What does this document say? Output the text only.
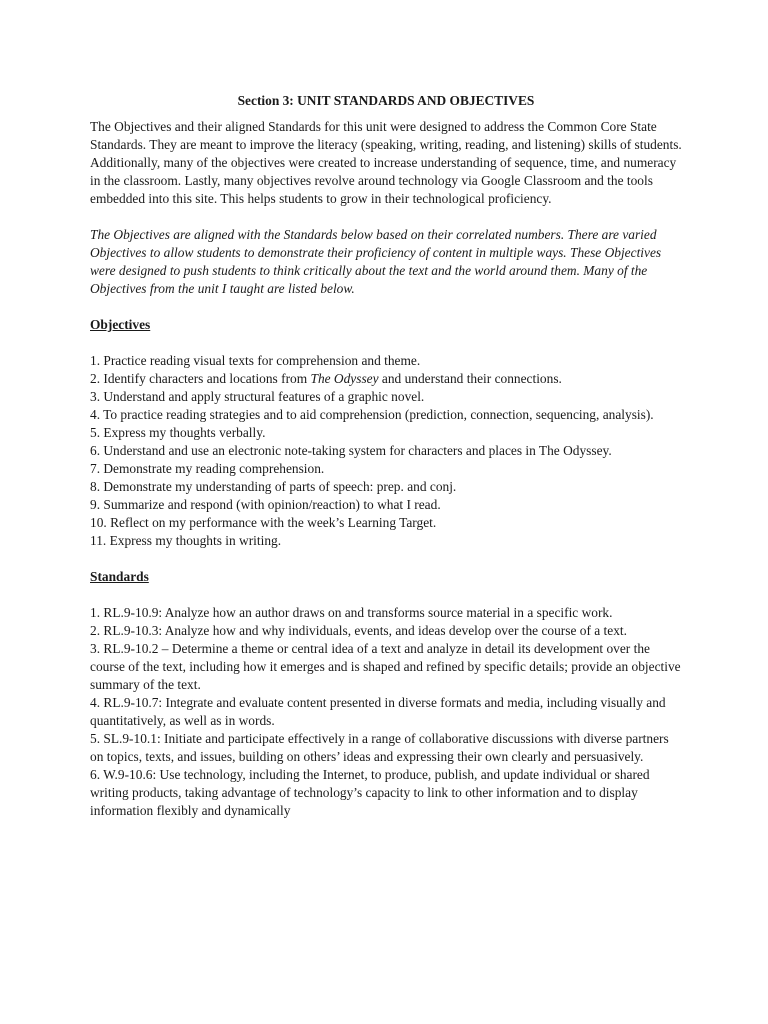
Section 3: UNIT STANDARDS AND OBJECTIVES

The Objectives and their aligned Standards for this unit were designed to address the Common Core State Standards. They are meant to improve the literacy (speaking, writing, reading, and listening) skills of students. Additionally, many of the objectives were created to increase understanding of sequence, time, and numeracy in the classroom. Lastly, many objectives revolve around technology via Google Classroom and the tools embedded into this site. This helps students to grow in their technological proficiency.

The Objectives are aligned with the Standards below based on their correlated numbers. There are varied Objectives to allow students to demonstrate their proficiency of content in multiple ways. These Objectives were designed to push students to think critically about the text and the world around them. Many of the Objectives from the unit I taught are listed below.

Objectives
1. Practice reading visual texts for comprehension and theme.
2. Identify characters and locations from The Odyssey and understand their connections.
3. Understand and apply structural features of a graphic novel.
4. To practice reading strategies and to aid comprehension (prediction, connection, sequencing, analysis).
5. Express my thoughts verbally.
6. Understand and use an electronic note-taking system for characters and places in The Odyssey.
7. Demonstrate my reading comprehension.
8. Demonstrate my understanding of parts of speech: prep. and conj.
9. Summarize and respond (with opinion/reaction) to what I read.
10. Reflect on my performance with the week’s Learning Target.
11. Express my thoughts in writing.
Standards
1. RL.9-10.9: Analyze how an author draws on and transforms source material in a specific work.
2. RL.9-10.3: Analyze how and why individuals, events, and ideas develop over the course of a text.
3. RL.9-10.2 – Determine a theme or central idea of a text and analyze in detail its development over the course of the text, including how it emerges and is shaped and refined by specific details; provide an objective summary of the text.
4. RL.9-10.7: Integrate and evaluate content presented in diverse formats and media, including visually and quantitatively, as well as in words.
5. SL.9-10.1: Initiate and participate effectively in a range of collaborative discussions with diverse partners on topics, texts, and issues, building on others’ ideas and expressing their own clearly and persuasively.
6. W.9-10.6: Use technology, including the Internet, to produce, publish, and update individual or shared writing products, taking advantage of technology’s capacity to link to other information and to display information flexibly and dynamically
